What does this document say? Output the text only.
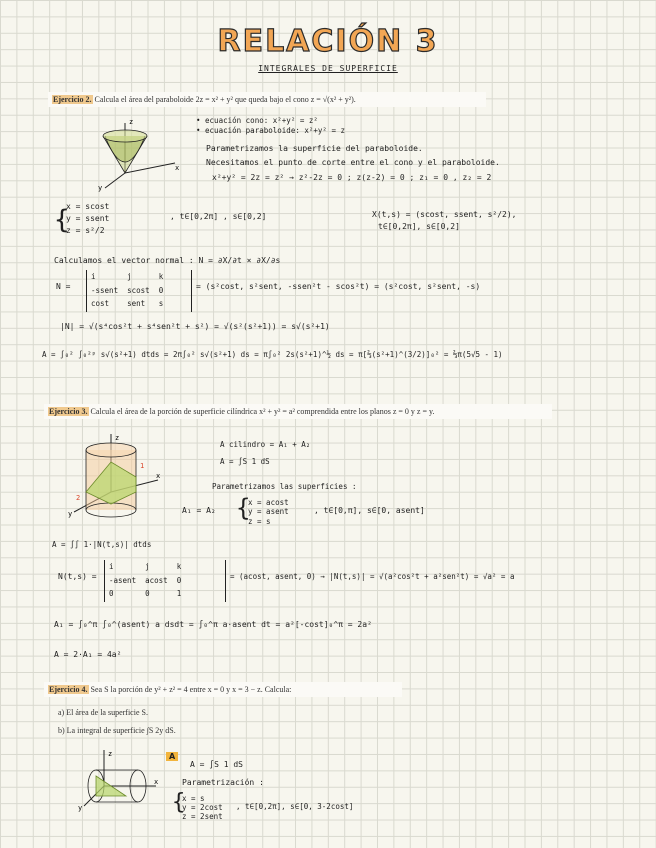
RELACIÓN 3
INTEGRALES DE SUPERFICIE
Ejercicio 2. Calcula el área del paraboloide 2z = x² + y² que queda bajo el cono z = √(x² + y²).
z
x
y
• ecuación cono: x²+y² = z²
• ecuación paraboloide: x²+y² = z
Parametrizamos la superficie del paraboloide.
Necesitamos el punto de corte entre el cono y el paraboloide.
x²+y² = 2z = z² → z²-2z = 0 ; z(z-2) = 0 ; z₁ = 0 , z₂ = 2
{
x = scost
y = ssent
z = s²/2
, t∈[0,2π] , s∈[0,2]	X(t,s) = (scost, ssent, s²/2),
t∈[0,2π], s∈[0,2]
Calculamos el vector normal : N = ∂X/∂t × ∂X/∂s
N =
i       j      k
-ssent  scost  0
cost    sent   s
= (s²cost, s²sent, -ssen²t - scos²t) = (s²cost, s²sent, -s)
|N| = √(s⁴cos²t + s⁴sen²t + s²) = √(s²(s²+1)) = s√(s²+1)
A = ∫₀² ∫₀²ᵖ s√(s²+1) dtds = 2π∫₀² s√(s²+1) ds = π∫₀² 2s(s²+1)^½ ds = π[⅔(s²+1)^(3/2)]₀² = ⅔π(5√5 - 1)
Ejercicio 3. Calcula el área de la porción de superficie cilíndrica x² + y² = a² comprendida entre los planos z = 0 y z = y.
z
x
y
1
2
A cilindro = A₁ + A₂
A = ∫S 1 dS
Parametrizamos las superficies :
A₁ = A₂ {
x = acost
y = asent
z = s
, t∈[0,π], s∈[0, asent]
A = ∫∫ 1·|N(t,s)| dtds
N(t,s) =
i       j      k
-asent  acost  0
0       0      1
= (acost, asent, 0) → |N(t,s)| = √(a²cos²t + a²sen²t) = √a² = a
A₁ = ∫₀^π ∫₀^(asent) a dsdt = ∫₀^π a·asent dt = a²[-cost]₀^π = 2a²
A = 2·A₁ = 4a²
Ejercicio 4. Sea S la porción de y² + z² = 4 entre x = 0 y x = 3 − z. Calcula:
a) El área de la superficie S.
b) La integral de superficie ∫S 2y dS.
z
x
y
A
A = ∫S 1 dS
Parametrización :
{
x = s
y = 2cost
z = 2sent
, t∈[0,2π], s∈[0, 3-2cost]
